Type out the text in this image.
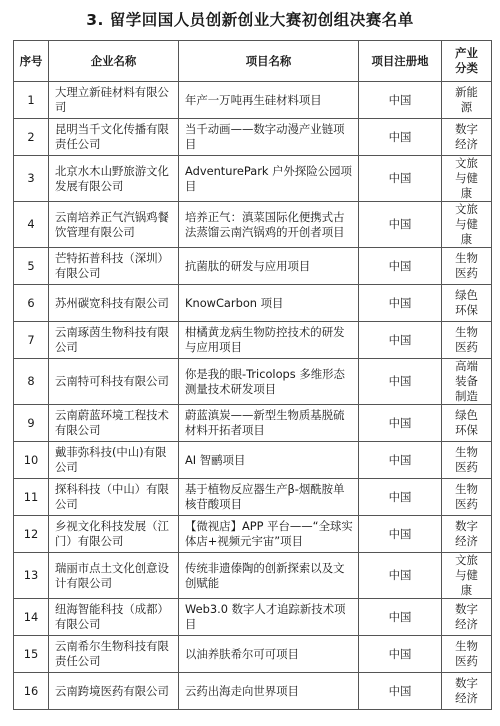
3. 留学回国人员创新创业大赛初创组决赛名单
序号	企业名称	项目名称	项目注册地	产业分类
1	大理立新硅材料有限公司	年产一万吨再生硅材料项目	中国	新能源
2	昆明当千文化传播有限责任公司	当千动画——数字动漫产业链项目	中国	数字经济
3	北京水木山野旅游文化发展有限公司	AdventurePark 户外探险公园项目	中国	文旅与健康
4	云南培养正气汽锅鸡餐饮管理有限公司	培养正气：滇菜国际化便携式古法蒸馏云南汽锅鸡的开创者项目	中国	文旅与健康
5	芒特拓普科技（深圳）有限公司	抗菌肽的研发与应用项目	中国	生物医药
6	苏州碳宽科技有限公司	KnowCarbon 项目	中国	绿色环保
7	云南琢茵生物科技有限公司	柑橘黄龙病生物防控技术的研发与应用项目	中国	生物医药
8	云南特可科技有限公司	你是我的眼-Tricolops 多维形态测量技术研发项目	中国	高端装备制造
9	云南蔚蓝环境工程技术有限公司	蔚蓝滇炭——新型生物质基脱硫材料开拓者项目	中国	绿色环保
10	戴菲弥科技(中山)有限公司	AI 智鹂项目	中国	生物医药
11	探科科技（中山）有限公司	基于植物反应器生产β-烟酰胺单核苷酸项目	中国	生物医药
12	乡视文化科技发展（江门）有限公司	【微视店】APP 平台——“全球实体店+视频元宇宙”项目	中国	数字经济
13	瑞丽市点土文化创意设计有限公司	传统非遗傣陶的创新探索以及文创赋能	中国	文旅与健康
14	纽海智能科技（成都）有限公司	Web3.0 数字人才追踪新技术项目	中国	数字经济
15	云南希尔生物科技有限责任公司	以油养肤希尔可可项目	中国	生物医药
16	云南跨境医药有限公司	云药出海走向世界项目	中国	数字经济
